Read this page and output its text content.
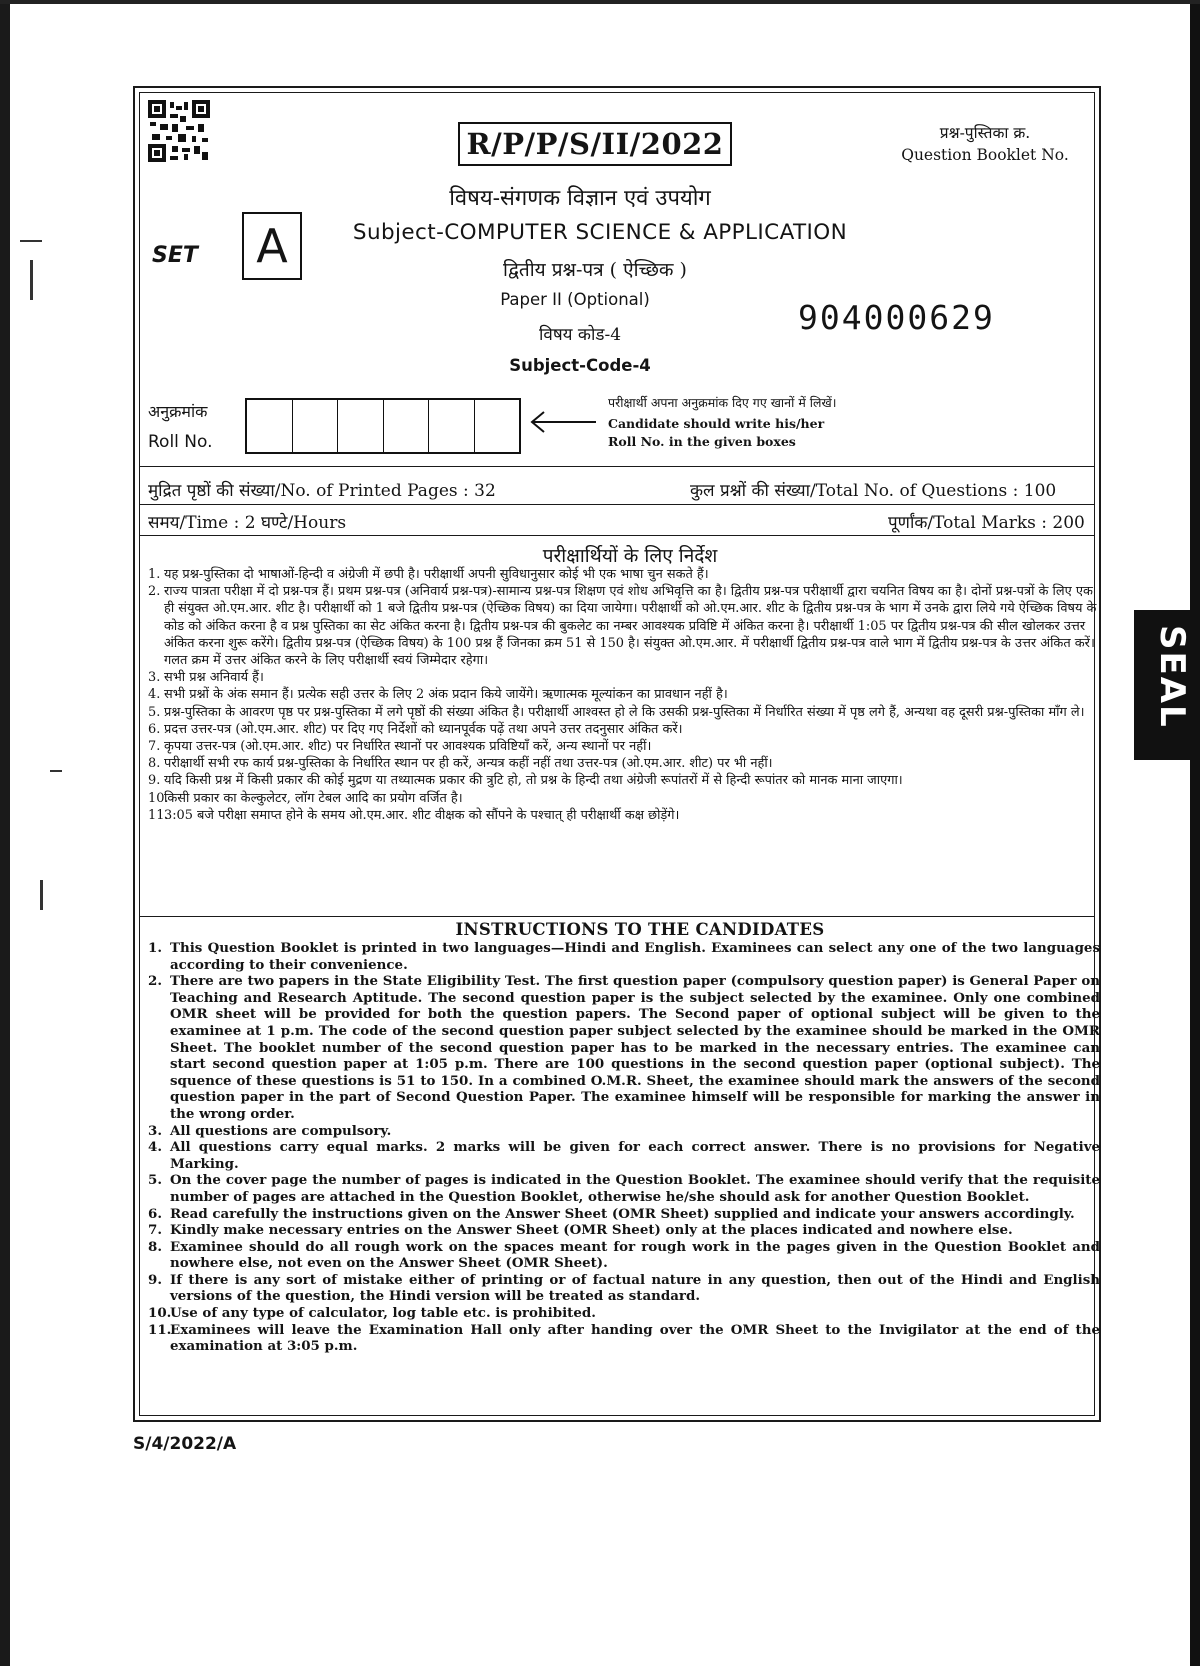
R/P/P/S/II/2022	प्रश्न-पुस्तिका क्र.
Question Booklet No.
विषय-संगणक विज्ञान एवं उपयोग
Subject-COMPUTER SCIENCE & APPLICATION
द्वितीय प्रश्न-पत्र ( ऐच्छिक )
Paper II (Optional)
विषय कोड-4
Subject-Code-4
SET	A
904000629
अनुक्रमांक
Roll No.
परीक्षार्थी अपना अनुक्रमांक दिए गए खानों में लिखें।
Candidate should write his/her
Roll No. in the given boxes
मुद्रित पृष्ठों की संख्या/No. of Printed Pages : 32	कुल प्रश्नों की संख्या/Total No. of Questions : 100
समय/Time : 2 घण्टे/Hours	पूर्णांक/Total Marks : 200
परीक्षार्थियों के लिए निर्देश
1. यह प्रश्न-पुस्तिका दो भाषाओं-हिन्दी व अंग्रेजी में छपी है। परीक्षार्थी अपनी सुविधानुसार कोई भी एक भाषा चुन सकते हैं।
2. राज्य पात्रता परीक्षा में दो प्रश्न-पत्र हैं। प्रथम प्रश्न-पत्र (अनिवार्य प्रश्न-पत्र)-सामान्य प्रश्न-पत्र शिक्षण एवं शोध अभिवृत्ति का है। द्वितीय प्रश्न-पत्र परीक्षार्थी द्वारा चयनित विषय का है। दोनों प्रश्न-पत्रों के लिए एक ही संयुक्त ओ.एम.आर. शीट है। परीक्षार्थी को 1 बजे द्वितीय प्रश्न-पत्र (ऐच्छिक विषय) का दिया जायेगा। परीक्षार्थी को ओ.एम.आर. शीट के द्वितीय प्रश्न-पत्र के भाग में उनके द्वारा लिये गये ऐच्छिक विषय के कोड को अंकित करना है व प्रश्न पुस्तिका का सेट अंकित करना है। द्वितीय प्रश्न-पत्र की बुकलेट का नम्बर आवश्यक प्रविष्टि में अंकित करना है। परीक्षार्थी 1:05 पर द्वितीय प्रश्न-पत्र की सील खोलकर उत्तर अंकित करना शुरू करेंगे। द्वितीय प्रश्न-पत्र (ऐच्छिक विषय) के 100 प्रश्न हैं जिनका क्रम 51 से 150 है। संयुक्त ओ.एम.आर. में परीक्षार्थी द्वितीय प्रश्न-पत्र वाले भाग में द्वितीय प्रश्न-पत्र के उत्तर अंकित करें। गलत क्रम में उत्तर अंकित करने के लिए परीक्षार्थी स्वयं जिम्मेदार रहेगा।
3. सभी प्रश्न अनिवार्य हैं।
4. सभी प्रश्नों के अंक समान हैं। प्रत्येक सही उत्तर के लिए 2 अंक प्रदान किये जायेंगे। ऋणात्मक मूल्यांकन का प्रावधान नहीं है।
5. प्रश्न-पुस्तिका के आवरण पृष्ठ पर प्रश्न-पुस्तिका में लगे पृष्ठों की संख्या अंकित है। परीक्षार्थी आश्वस्त हो ले कि उसकी प्रश्न-पुस्तिका में निर्धारित संख्या में पृष्ठ लगे हैं, अन्यथा वह दूसरी प्रश्न-पुस्तिका माँग ले।
6. प्रदत्त उत्तर-पत्र (ओ.एम.आर. शीट) पर दिए गए निर्देशों को ध्यानपूर्वक पढ़ें तथा अपने उत्तर तदनुसार अंकित करें।
7. कृपया उत्तर-पत्र (ओ.एम.आर. शीट) पर निर्धारित स्थानों पर आवश्यक प्रविष्टियाँ करें, अन्य स्थानों पर नहीं।
8. परीक्षार्थी सभी रफ कार्य प्रश्न-पुस्तिका के निर्धारित स्थान पर ही करें, अन्यत्र कहीं नहीं तथा उत्तर-पत्र (ओ.एम.आर. शीट) पर भी नहीं।
9. यदि किसी प्रश्न में किसी प्रकार की कोई मुद्रण या तथ्यात्मक प्रकार की त्रुटि हो, तो प्रश्न के हिन्दी तथा अंग्रेजी रूपांतरों में से हिन्दी रूपांतर को मानक माना जाएगा।
10.
किसी प्रकार का केल्कुलेटर, लॉग टेबल आदि का प्रयोग वर्जित है।
11.
3:05 बजे परीक्षा समाप्त होने के समय ओ.एम.आर. शीट वीक्षक को सौंपने के पश्चात् ही परीक्षार्थी कक्ष छोड़ेंगे।
INSTRUCTIONS TO THE CANDIDATES
1. This Question Booklet is printed in two languages—Hindi and English. Examinees can select any one of the two languages according to their convenience.
2. There are two papers in the State Eligibility Test. The first question paper (compulsory question paper) is General Paper on Teaching and Research Aptitude. The second question paper is the subject selected by the examinee. Only one combined OMR sheet will be provided for both the question papers. The Second paper of optional subject will be given to the examinee at 1 p.m. The code of the second question paper subject selected by the examinee should be marked in the OMR Sheet. The booklet number of the second question paper has to be marked in the necessary entries. The examinee can start second question paper at 1:05 p.m. There are 100 questions in the second question paper (optional subject). The squence of these questions is 51 to 150. In a combined O.M.R. Sheet, the examinee should mark the answers of the second question paper in the part of Second Question Paper. The examinee himself will be responsible for marking the answer in the wrong order.
3. All questions are compulsory.
4. All questions carry equal marks. 2 marks will be given for each correct answer. There is no provisions for Negative Marking.
5. On the cover page the number of pages is indicated in the Question Booklet. The examinee should verify that the requisite number of pages are attached in the Question Booklet, otherwise he/she should ask for another Question Booklet.
6. Read carefully the instructions given on the Answer Sheet (OMR Sheet) supplied and indicate your answers accordingly.
7. Kindly make necessary entries on the Answer Sheet (OMR Sheet) only at the places indicated and nowhere else.
8. Examinee should do all rough work on the spaces meant for rough work in the pages given in the Question Booklet and nowhere else, not even on the Answer Sheet (OMR Sheet).
9. If there is any sort of mistake either of printing or of factual nature in any question, then out of the Hindi and English versions of the question, the Hindi version will be treated as standard.
10.
Use of any type of calculator, log table etc. is prohibited.
11.
Examinees will leave the Examination Hall only after handing over the OMR Sheet to the Invigilator at the end of the examination at 3:05 p.m.
S/4/2022/A
SEAL
